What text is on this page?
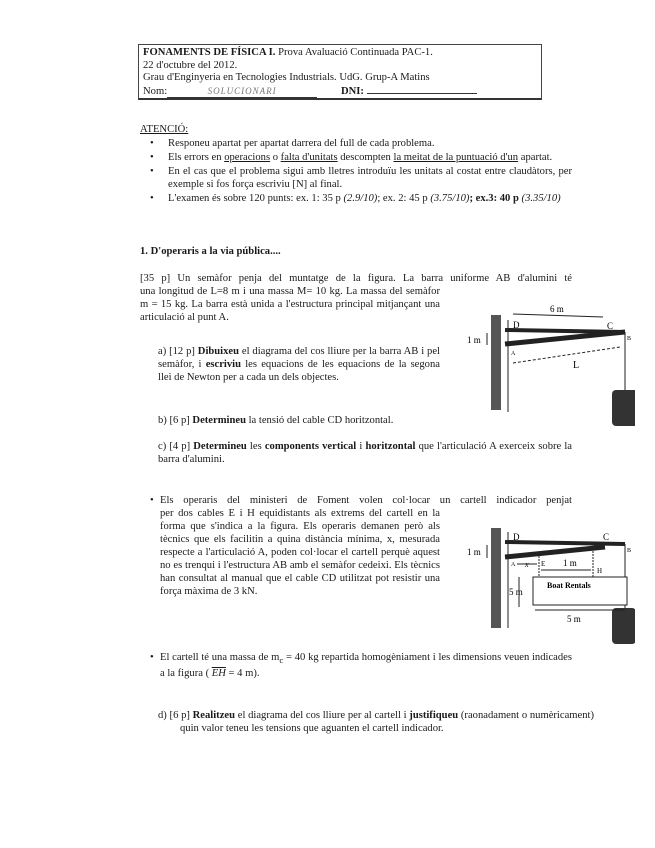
FONAMENTS DE FÍSICA I. Prova Avaluació Continuada PAC-1.
22 d'octubre del 2012.
Grau d'Enginyeria en Tecnologies Industrials. UdG. Grup-A Matins
Nom:	SOLUCIONARI	DNI:
ATENCIÓ:
• Responeu apartat per apartat darrera del full de cada problema.
• Els errors en operacions o falta d'unitats descompten la meitat de la puntuació d'un apartat.
• En el cas que el problema sigui amb lletres introduïu les unitats al costat entre claudàtors, per exemple si fos força escriviu [N] al final.
• L'examen és sobre 120 punts: ex. 1: 35 p (2.9/10); ex. 2: 45 p (3.75/10); ex.3: 40 p (3.35/10)
1. D'operaris a la via pública....
[35 p] Un semàfor penja del muntatge de la figura. La barra uniforme AB d'alumini té
una longitud de L=8 m i una massa M= 10 kg. La massa del semàfor m = 15 kg. La barra està unida a l'estructura principal mitjançant una articulació al punt A.
a) [12 p] Dibuixeu el diagrama del cos lliure per la barra AB i pel semàfor, i escriviu les equacions de les equacions de la segona llei de Newton per a cada un dels objectes.
b) [6 p] Determineu la tensió del cable CD horitzontal.
c) [4 p] Determineu les components vertical i horitzontal que l'articulació A exerceix sobre la barra d'alumini.
• Els operaris del ministeri de Foment volen col·locar un cartell indicador penjat
per dos cables E i H equidistants als extrems del cartell en la forma que s'indica a la figura. Els operaris demanen però als tècnics que els facilitin a quina distància mínima, x, mesurada respecte a l'articulació A, poden col·locar el cartell perquè aquest no es trenqui i l'estructura AB amb el semàfor cedeixi. Els tècnics han consultat al manual que el cable CD utilitzat pot resistir una força màxima de 3 kN.
• El cartell té una massa de $m_c = 40$ kg repartida homogèniament i les dimensions veuen indicades a la figura ( $\overline{EH} = 4$ m).
d) [6 p] Realitzeu el diagrama del cos lliure per al cartell i justifiqueu (raonadament o numèricament) quin valor teneu les tensions que aguanten el cartell indicador.
6 m
1 m
L
D	C
A
B
Boat Rentals
1 m
1 m
5 m
5 m
x E
H
D	C
A
B
